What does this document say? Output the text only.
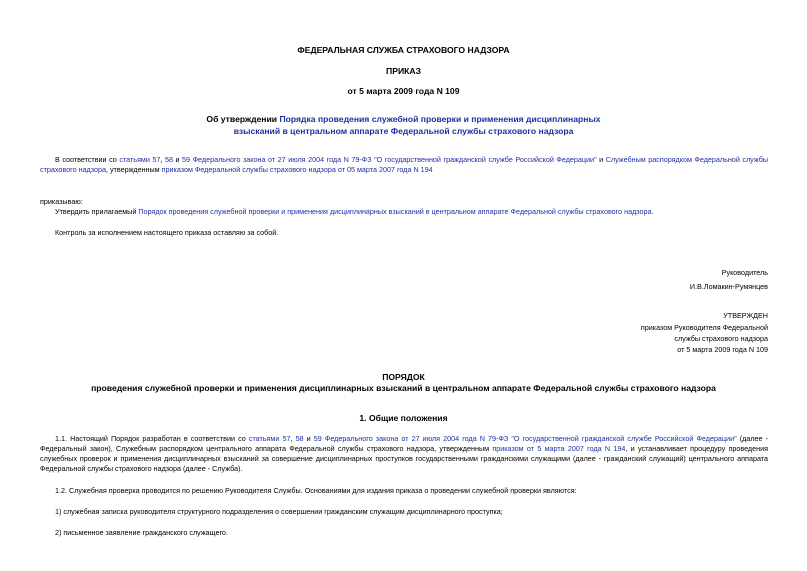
ФЕДЕРАЛЬНАЯ СЛУЖБА СТРАХОВОГО НАДЗОРА
ПРИКАЗ
от 5 марта 2009 года N 109
Об утверждении Порядка проведения служебной проверки и применения дисциплинарных
взысканий в центральном аппарате Федеральной службы страхового надзора
В соответствии со статьями 57, 58 и 59 Федерального закона от 27 июля 2004 года N 79-ФЗ "О государственной гражданской службе Российской Федерации" и Служебным распорядком Федеральной службы страхового надзора, утвержденным приказом Федеральной службы страхового надзора от 05 марта 2007 года N 194
приказываю:
Утвердить прилагаемый Порядок проведения служебной проверки и применения дисциплинарных взысканий в центральном аппарате Федеральной службы страхового надзора.
Контроль за исполнением настоящего приказа оставляю за собой.
Руководитель
И.В.Ломакин-Румянцев
УТВЕРЖДЕН
приказом Руководителя Федеральной
службы страхового надзора
от 5 марта 2009 года N 109
ПОРЯДОК
проведения служебной проверки и применения дисциплинарных взысканий в центральном аппарате Федеральной службы страхового надзора
1. Общие положения
1.1. Настоящий Порядок разработан в соответствии со статьями 57, 58 и 59 Федерального закона от 27 июля 2004 года N 79-ФЗ "О государственной гражданской службе Российской Федерации" (далее - Федеральный закон), Служебным распорядком центрального аппарата Федеральной службы страхового надзора, утвержденным приказом от 5 марта 2007 года N 194, и устанавливает процедуру проведения служебных проверок и применения дисциплинарных взысканий за совершение дисциплинарных проступков государственными гражданскими служащими (далее - гражданский служащий) центрального аппарата Федеральной службы страхового надзора (далее - Служба).
1.2. Служебная проверка проводится по решению Руководителя Службы. Основаниями для издания приказа о проведении служебной проверки являются:
1) служебная записка руководителя структурного подразделения о совершении гражданским служащим дисциплинарного проступка;
2) письменное заявление гражданского служащего.
